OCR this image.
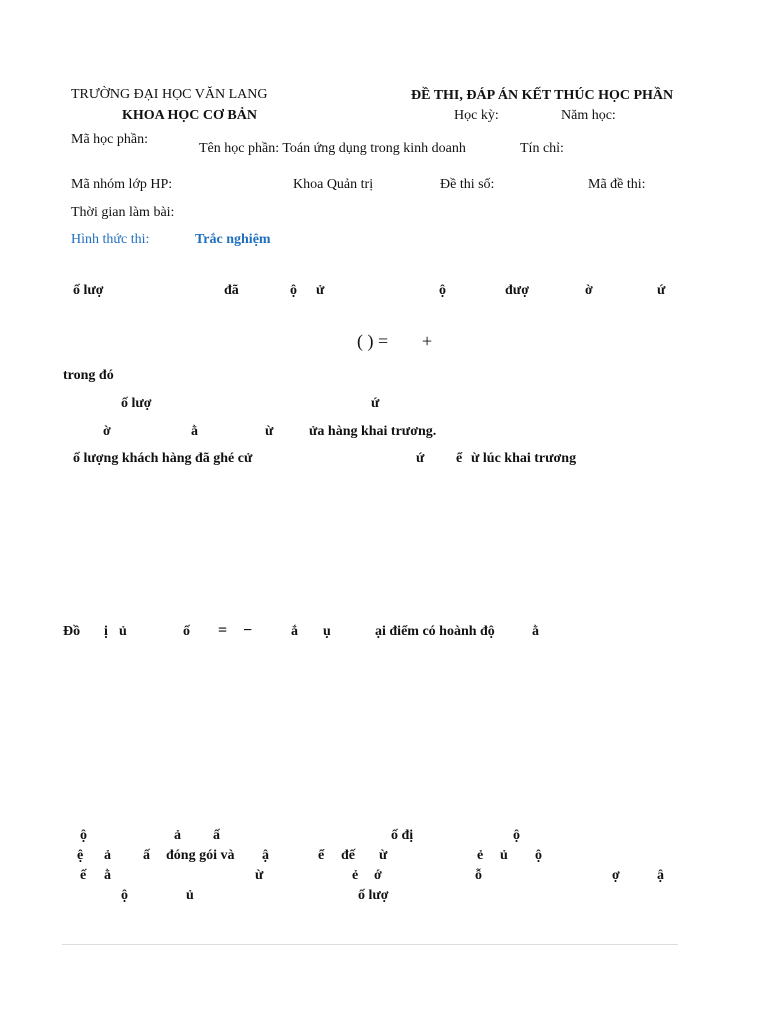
TRƯỜNG ĐẠI HỌC VĂN LANG	ĐỀ THI, ĐÁP ÁN KẾT THÚC HỌC PHẦN
KHOA HỌC CƠ BẢN	Học kỳ:	Năm học:
Mã học phần:
Tên học phần: Toán ứng dụng trong kinh doanh	Tín chỉ:
Mã nhóm lớp HP:	Khoa Quản trị	Đề thi số:	Mã đề thi:
Thời gian làm bài:
Hình thức thi:	Trắc nghiệm
ố lượ	đã	ộ ử	ộ	đượ	ờ	ứ
( ) = +
trong đó
ố lượ	ứ
ờ	ằ	ừ	ửa hàng khai trương.
ố lượng khách hàng đã ghé cử	ứ ể ừ lúc khai trương
Đồ ị ủ	ố = −	ắ ụ	ại điểm có hoành độ	ằ
ộ	ả ấ	ố đị	ộ
ệ ả ấ đóng gói và ậ	ể đế ừ	ẻ ủ ộ
ế ằ	ừ	ẻ ớ	ỗ	ợ	ậ
ộ	ủ	ố lượ
